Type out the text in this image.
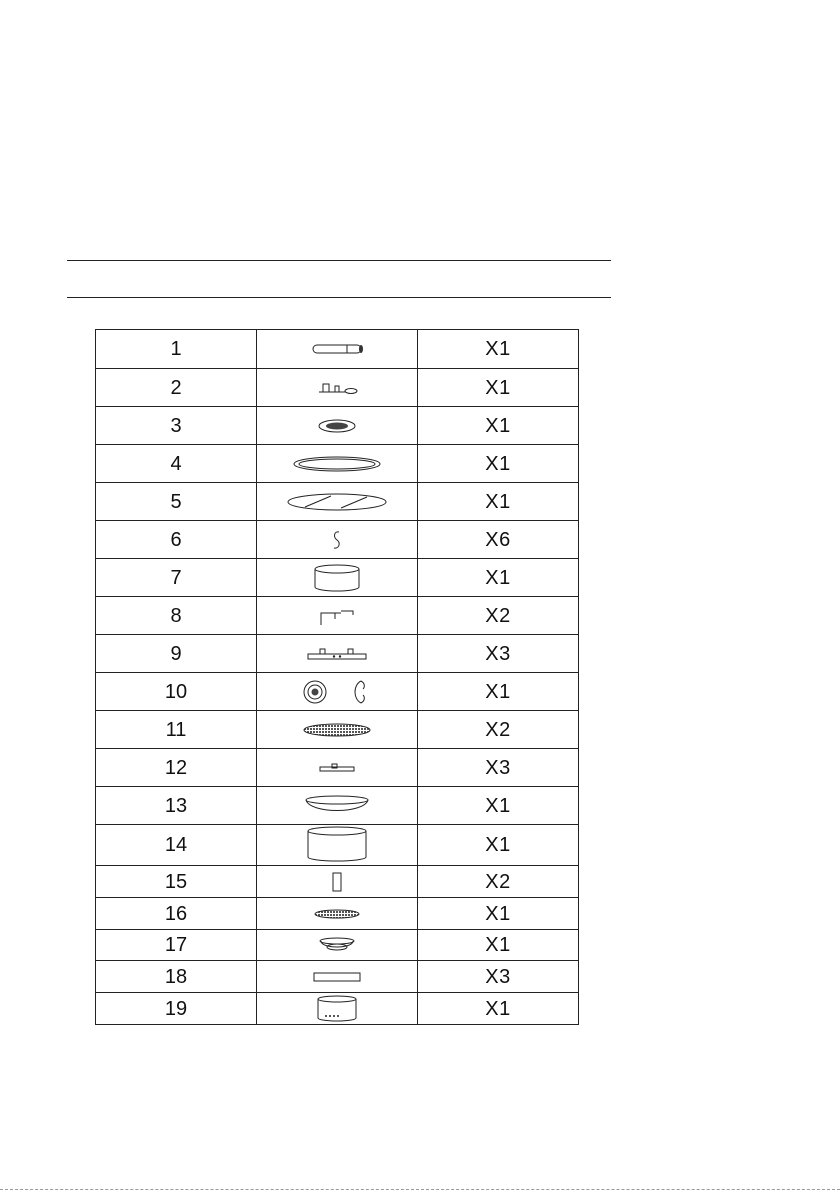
1		X1
2		X1
3		X1
4		X1
5		X1
6		X6
7		X1
8		X2
9		X3
10		X1
11		X2
12		X3
13		X1
14		X1
15		X2
16		X1
17		X1
18		X3
19		X1
